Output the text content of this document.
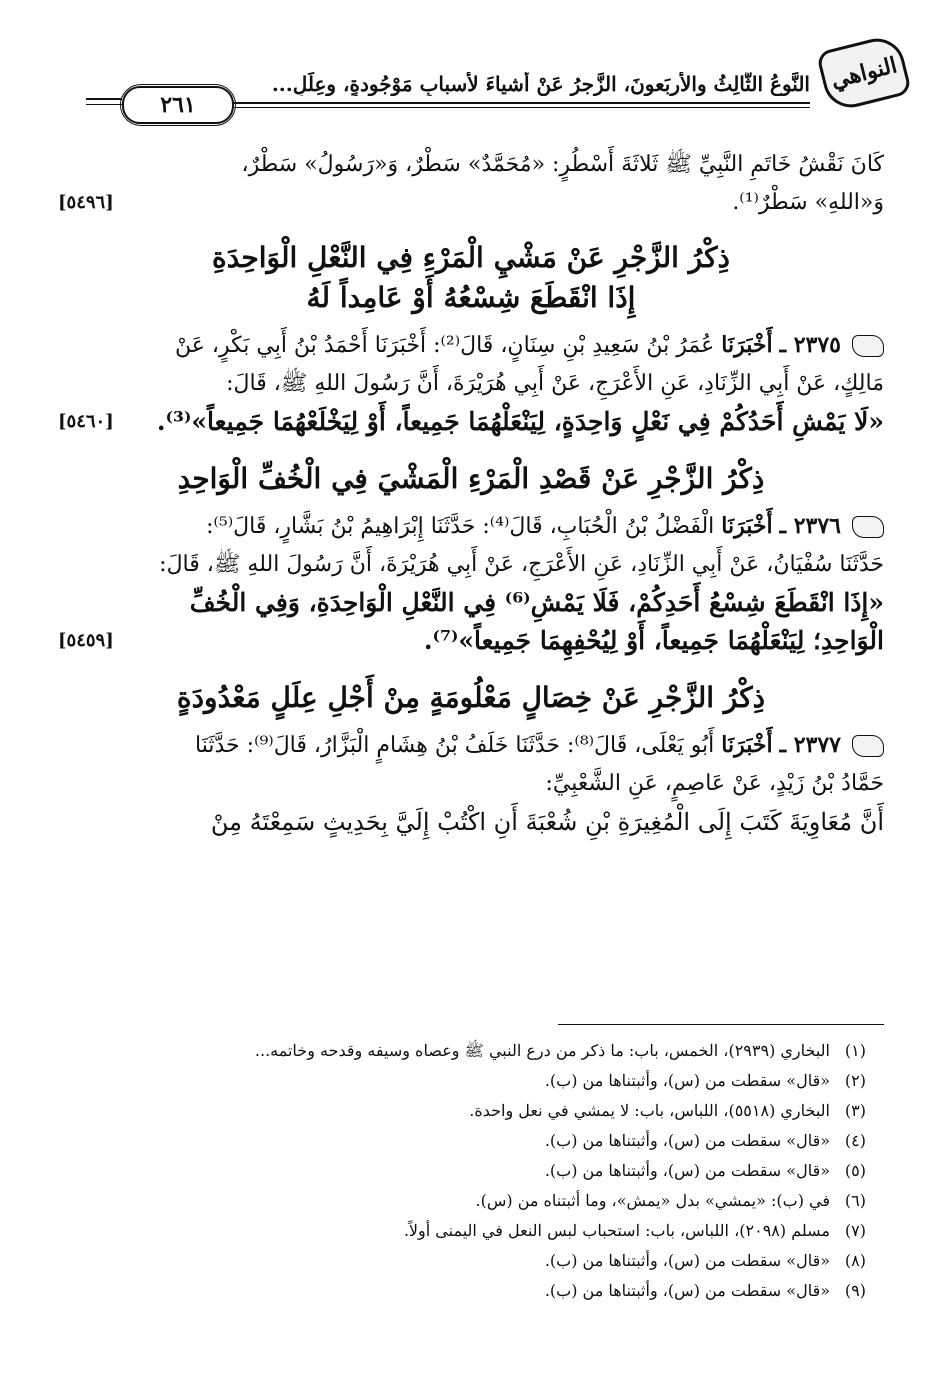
النواهي
النَّوعُ الثَّالِثُ والأربَعونَ، الزَّجرُ عَنْ أشياءَ لأسبابٍ مَوْجُودةٍ، وعِلَلٍ...
٢٦١
كَانَ نَقْشُ خَاتَمِ النَّبِيِّ ﷺ ثَلاثَةَ أَسْطُرٍ: «مُحَمَّدٌ» سَطْرٌ، وَ«رَسُولُ» سَطْرٌ،
وَ«اللهِ» سَطْرٌ⁽¹⁾.
[٥٤٩٦]
ذِكْرُ الزَّجْرِ عَنْ مَشْيِ الْمَرْءِ فِي النَّعْلِ الْوَاحِدَةِ
إِذَا انْقَطَعَ شِسْعُهُ أَوْ عَامِداً لَهُ
٢٣٧٥ ـ أَخْبَرَنَا عُمَرُ بْنُ سَعِيدِ بْنِ سِنَانٍ، قَالَ⁽²⁾: أَخْبَرَنَا أَحْمَدُ بْنُ أَبِي بَكْرٍ، عَنْ
مَالِكٍ، عَنْ أَبِي الزِّنَادِ، عَنِ الأَعْرَجِ، عَنْ أَبِي هُرَيْرَةَ، أَنَّ رَسُولَ اللهِ ﷺ، قَالَ:
«لَا يَمْشِ أَحَدُكُمْ فِي نَعْلٍ وَاحِدَةٍ، لِيَنْعَلْهُمَا جَمِيعاً، أَوْ لِيَخْلَعْهُمَا جَمِيعاً»⁽³⁾.
[٥٤٦٠]
ذِكْرُ الزَّجْرِ عَنْ قَصْدِ الْمَرْءِ الْمَشْيَ فِي الْخُفِّ الْوَاحِدِ
٢٣٧٦ ـ أَخْبَرَنَا الْفَضْلُ بْنُ الْحُبَابِ، قَالَ⁽⁴⁾: حَدَّثَنَا إِبْرَاهِيمُ بْنُ بَشَّارٍ، قَالَ⁽⁵⁾:
حَدَّثَنَا سُفْيَانُ، عَنْ أَبِي الزِّنَادِ، عَنِ الأَعْرَجِ، عَنْ أَبِي هُرَيْرَةَ، أَنَّ رَسُولَ اللهِ ﷺ، قَالَ:
«إِذَا انْقَطَعَ شِسْعُ أَحَدِكُمْ، فَلَا يَمْشِ⁽⁶⁾ فِي النَّعْلِ الْوَاحِدَةِ، وَفِي الْخُفِّ
الْوَاحِدِ؛ لِيَنْعَلْهُمَا جَمِيعاً، أَوْ لِيُحْفِهِمَا جَمِيعاً»⁽⁷⁾.
[٥٤٥٩]
ذِكْرُ الزَّجْرِ عَنْ خِصَالٍ مَعْلُومَةٍ مِنْ أَجْلِ عِلَلٍ مَعْدُودَةٍ
٢٣٧٧ ـ أَخْبَرَنَا أَبُو يَعْلَى، قَالَ⁽⁸⁾: حَدَّثَنَا خَلَفُ بْنُ هِشَامٍ الْبَزَّارُ، قَالَ⁽⁹⁾: حَدَّثَنَا
حَمَّادُ بْنُ زَيْدٍ، عَنْ عَاصِمٍ، عَنِ الشَّعْبِيِّ:
أَنَّ مُعَاوِيَةَ كَتَبَ إِلَى الْمُغِيرَةِ بْنِ شُعْبَةَ أَنِ اكْتُبْ إِلَيَّ بِحَدِيثٍ سَمِعْتَهُ مِنْ
(١)البخاري (٢٩٣٩)، الخمس، باب: ما ذكر من درع النبي ﷺ وعصاه وسيفه وقدحه وخاتمه...
(٢)«قال» سقطت من (س)، وأثبتناها من (ب).
(٣)البخاري (٥٥١٨)، اللباس، باب: لا يمشي في نعل واحدة.
(٤)«قال» سقطت من (س)، وأثبتناها من (ب).
(٥)«قال» سقطت من (س)، وأثبتناها من (ب).
(٦)في (ب): «يمشي» بدل «يمش»، وما أثبتناه من (س).
(٧)مسلم (٢٠٩٨)، اللباس، باب: استحباب لبس النعل في اليمنى أولاً.
(٨)«قال» سقطت من (س)، وأثبتناها من (ب).
(٩)«قال» سقطت من (س)، وأثبتناها من (ب).
